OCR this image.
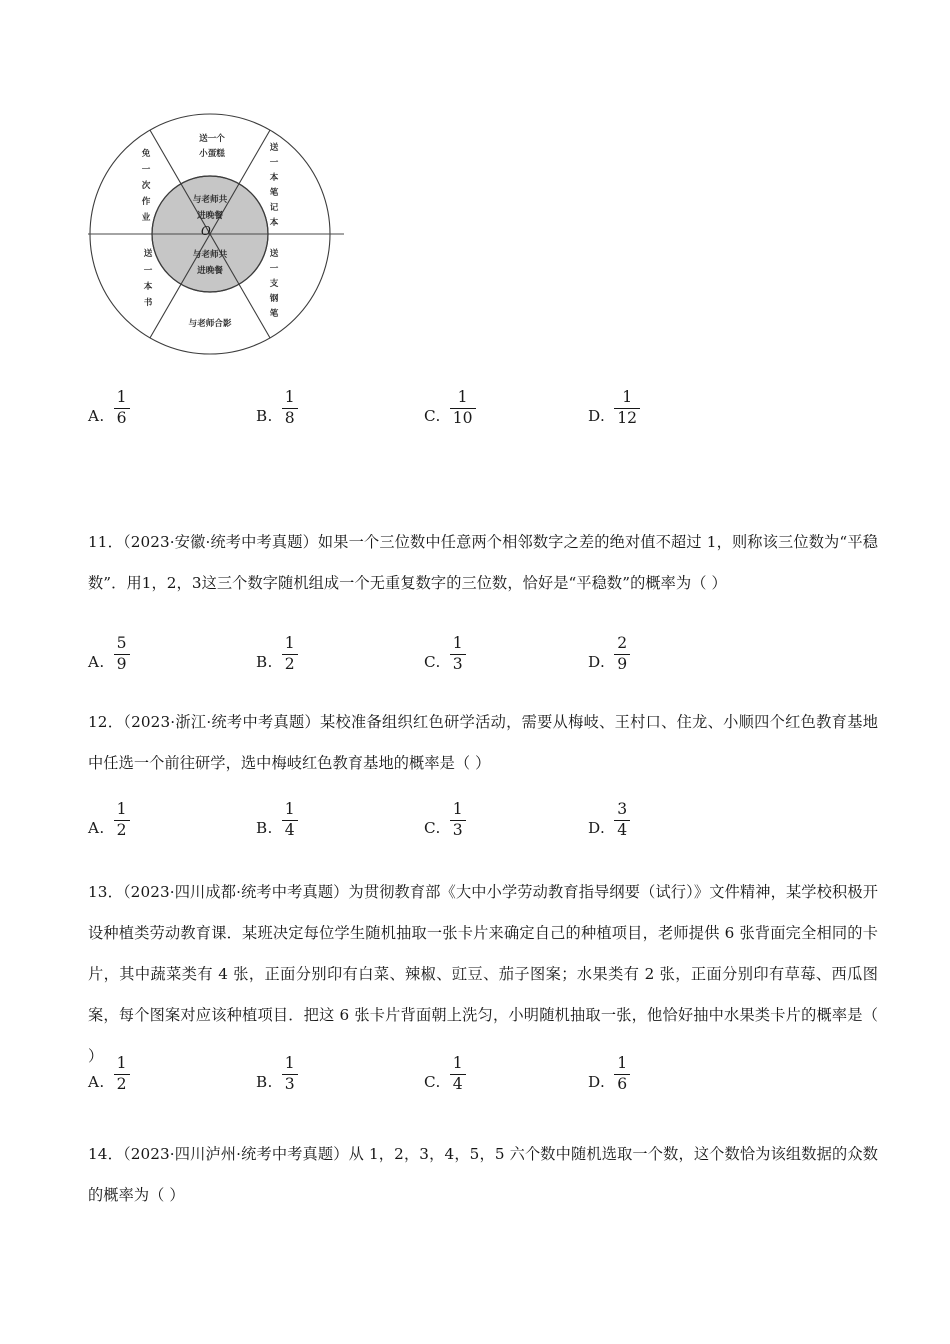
O
与老师共
进晚餐
与老师共
进晚餐
送一个
小蛋糕
送
一
本
笔
记
本
送
一
支
钢
笔
与老师合影
送
一
本
书
免
一
次
作
业
A. $\frac{1}{6}$	B. $\frac{1}{8}$	C. $\frac{1}{10}$	D. $\frac{1}{12}$
11．（2023·安徽·统考中考真题）如果一个三位数中任意两个相邻数字之差的绝对值不超过 1，则称该三位数为“平稳数”．用1，2，3这三个数字随机组成一个无重复数字的三位数，恰好是“平稳数”的概率为（ ）
A. $\frac{5}{9}$	B. $\frac{1}{2}$	C. $\frac{1}{3}$	D. $\frac{2}{9}$
12．（2023·浙江·统考中考真题）某校准备组织红色研学活动，需要从梅岐、王村口、住龙、小顺四个红色教育基地中任选一个前往研学，选中梅岐红色教育基地的概率是（ ）
A. $\frac{1}{2}$	B. $\frac{1}{4}$	C. $\frac{1}{3}$	D. $\frac{3}{4}$
13．（2023·四川成都·统考中考真题）为贯彻教育部《大中小学劳动教育指导纲要（试行）》文件精神，某学校积极开设种植类劳动教育课．某班决定每位学生随机抽取一张卡片来确定自己的种植项目，老师提供 6 张背面完全相同的卡片，其中蔬菜类有 4 张，正面分别印有白菜、辣椒、豇豆、茄子图案；水果类有 2 张，正面分别印有草莓、西瓜图案，每个图案对应该种植项目．把这 6 张卡片背面朝上洗匀，小明随机抽取一张，他恰好抽中水果类卡片的概率是（ ）
A. $\frac{1}{2}$	B. $\frac{1}{3}$	C. $\frac{1}{4}$	D. $\frac{1}{6}$
14．（2023·四川泸州·统考中考真题）从 1，2，3，4，5，5 六个数中随机选取一个数，这个数恰为该组数据的众数的概率为（ ）
